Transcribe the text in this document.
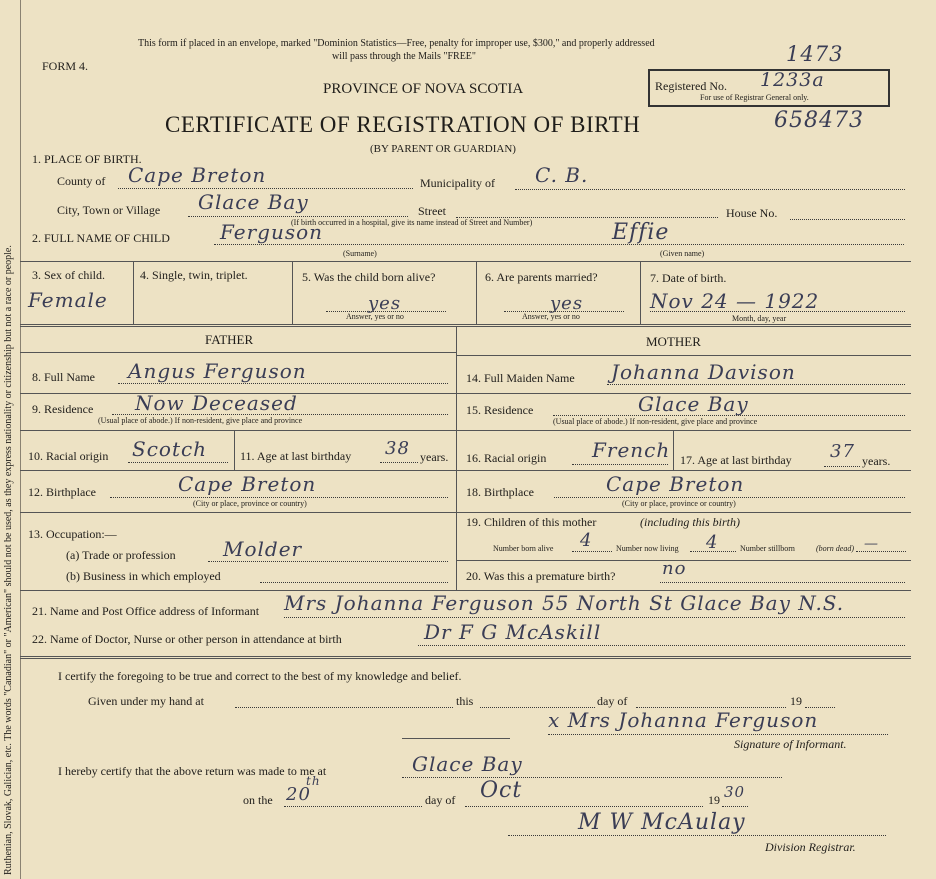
Ruthenian, Slovak, Galician, etc. The words "Canadian" or "American" should not be used, as they express nationality or citizenship but not a race or people.
This form if placed in an envelope, marked "Dominion Statistics—Free, penalty for improper use, $300," and properly addressed
will pass through the Mails "FREE"
FORM 4.
PROVINCE OF NOVA SCOTIA	Registered No. 1233a
For use of Registrar General only.
1473
CERTIFICATE OF REGISTRATION OF BIRTH	658473
(BY PARENT OR GUARDIAN)
1. PLACE OF BIRTH.
County of Cape Breton	Municipality of C. B.
City, Town or Village Glace Bay	Street	House No.
(If birth occurred in a hospital, give its name instead of Street and Number)
2. FULL NAME OF CHILD	Ferguson
(Surname)
Effie
(Given name)
3. Sex of child.
Female
4. Single, twin, triplet.	5. Was the child born alive?
yes
Answer, yes or no
6. Are parents married?
yes
Answer, yes or no
7. Date of birth.
Nov 24 — 1922
Month, day, year
FATHER
8. Full Name Angus Ferguson
9. Residence Now Deceased
(Usual place of abode.) If non-resident, give place and province
10. Racial origin Scotch	11. Age at last birthday 38 years.
12. Birthplace	Cape Breton
(City or place, province or country)
13. Occupation:—
(a) Trade or profession Molder
(b) Business in which employed
MOTHER
14. Full Maiden Name Johanna Davison
15. Residence	Glace Bay
(Usual place of abode.) If non-resident, give place and province
16. Racial origin French 17. Age at last birthday 37 years.
18. Birthplace	Cape Breton
(City or place, province or country)
19. Children of this mother	(including this birth)
Number born alive 4	Number now living 4	Number stillborn	(born dead) —
20. Was this a premature birth?	no
21. Name and Post Office address of Informant Mrs Johanna Ferguson 55 North St Glace Bay N.S.
22. Name of Doctor, Nurse or other person in attendance at birth	Dr F G McAskill
I certify the foregoing to be true and correct to the best of my knowledge and belief.
Given under my hand at	this	day of	19
x Mrs Johanna Ferguson
Signature of Informant.
I hereby certify that the above return was made to me at	Glace Bay
on the 20
th
day of Oct	19 30
M W McAulay
Division Registrar.
